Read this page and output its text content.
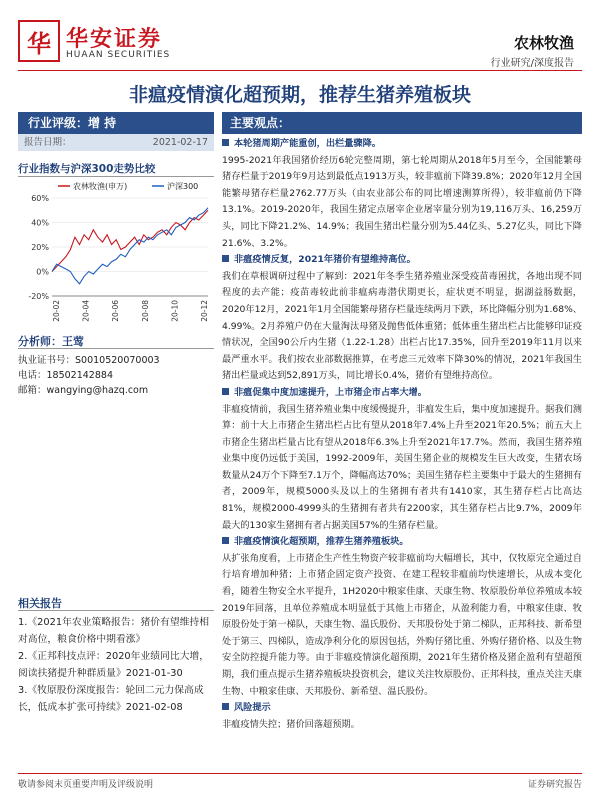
华 华安证券
HUAAN SECURITIES
农林牧渔
行业研究/深度报告
非瘟疫情演化超预期，推荐生猪养殖板块
行业评级：增 持
报告日期：	2021-02-17
行业指数与沪深300走势比较
60%
40%
20%
0%
-20%
20-02	20-04	20-06	20-08	20-10	20-12
农林牧渔(申万)	沪深300
分析师：王莺
执业证书号：S0010520070003
电话：18502142884
邮箱：wangying@hazq.com
相关报告
1.《2021年农业策略报告：猪价有望维持相对高位，粮食价格中期看涨》
2.《正邦科技点评：2020年业绩同比大增，阅读扶猪提升种群质量》2021-01-30
3.《牧原股份深度报告：轮回二元力保高成长，低成本扩张可持续》2021-02-08
主要观点：

本轮猪周期产能重创，出栏量骤降。

1995-2021年我国猪价经历6轮完整周期，第七轮周期从2018年5月至今，全国能繁母猪存栏量于2019年9月达到最低点1913万头，较非瘟前下降39.8%；2020年12月全国能繁母猪存栏量2762.77万头（由农业部公布的同比增速测算所得），较非瘟前仍下降13.1%。2019-2020年，我国生猪定点屠宰企业屠宰量分别为19,116万头、16,259万头，同比下降21.2%、14.9%；我国生猪出栏量分别为5.44亿头、5.27亿头，同比下降21.6%、3.2%。

非瘟疫情反复，2021年猪价有望维持高位。

我们在草根调研过程中了解到：2021年冬季生猪养殖业深受疫苗毒困扰，各地出现不同程度的去产能；疫苗毒较此前非瘟病毒潜伏期更长，症状更不明显，据湖益肠数据，2020年12月，2021年1月全国能繁母猪存栏量连续两月下跌，环比降幅分别为1.68%、4.99%。2月养殖户仍在大量淘汰母猪及抛售低体重猪；低体重生猪出栏占比能够印证疫情状况，全国90公斤内生猪（1.22-1.28）出栏占比17.35%，回升至2019年11月以来最严重水平。我们按农业部数据推算，在考虑三元效率下降30%的情况，2021年我国生猪出栏量或达到52,891万头，同比增长0.4%，猪价有望维持高位。

非瘟促集中度加速提升，上市猪企市占率大增。

非瘟疫情前，我国生猪养殖业集中度缓慢提升，非瘟发生后，集中度加速提升。据我们测算：前十大上市猪企生猪出栏占比有望从2018年7.4%上升至2021年20.5%；前五大上市猪企生猪出栏量占比有望从2018年6.3%上升至2021年17.7%。然而，我国生猪养殖业集中度仍远低于美国，1992-2009年，美国生猪企业的规模发生巨大改变，生猪农场数量从24万个下降至7.1万个，降幅高达70%；美国生猪存栏主要集中于最大的生猪拥有者，2009年，规模5000头及以上的生猪拥有者共有1410家，其生猪存栏占比高达81%，规模2000-4999头的生猪拥有者共有2200家，其生猪存栏占比9.7%，2009年最大的130家生猪拥有者占据美国57%的生猪存栏量。

非瘟疫情演化超预期，推荐生猪养殖板块。

从扩张角度看，上市猪企生产性生物资产较非瘟前均大幅增长，其中，仅牧原完全通过自行培育增加种猪；上市猪企固定资产投资、在建工程较非瘟前均快速增长，从成本变化看，随着生物安全水平提升，1H2020中粮家佳康、天康生物、牧原股份单位养殖成本较2019年回落，且单位养殖成本明显低于其他上市猪企，从盈利能力看，中粮家佳康、牧原股份处于第一梯队，天康生物、温氏股份、天邦股份处于第二梯队，正邦科技、新希望处于第三、四梯队，造成净利分化的原因包括，外购仔猪比重、外购仔猪价格、以及生物安全防控提升能力等。由于非瘟疫情演化超预期，2021年生猪价格及猪企盈利有望超预期，我们重点提示生猪养殖板块投资机会，建议关注牧原股份、正邦科技，重点关注天康生物、中粮家佳康、天邦股份、新希望、温氏股份。

风险提示

非瘟疫情失控；猪价回落超预期。

敬请参阅末页重要声明及评级说明	证券研究报告
